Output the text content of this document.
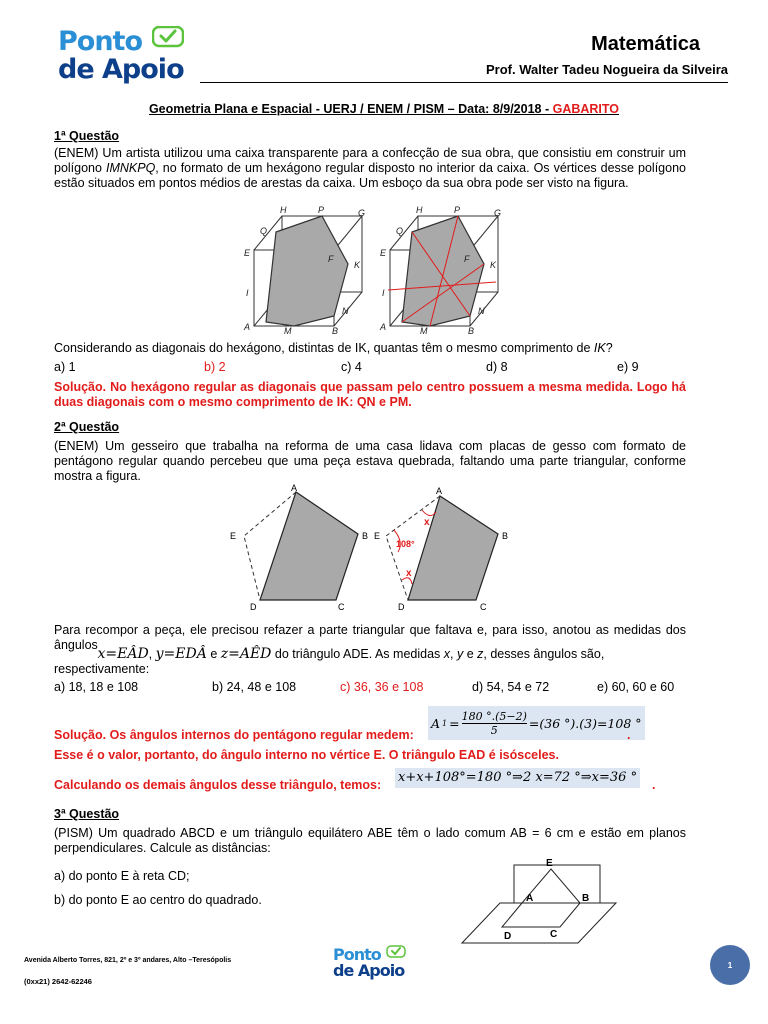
Ponto
de Apoio
Matemática
Prof. Walter Tadeu Nogueira da Silveira
Geometria Plana e Espacial - UERJ / ENEM / PISM – Data: 8/9/2018 - GABARITO
1ª Questão
(ENEM) Um artista utilizou uma caixa transparente para a confecção de sua obra, que consistiu em construir um polígono IMNKPQ, no formato de um hexágono regular disposto no interior da caixa. Os vértices desse polígono estão situados em pontos médios de arestas da caixa. Um esboço da sua obra pode ser visto na figura.
H	P	G
Q
E
F
K
I
N
A	M	B
H	P	G
Q
E
F
K
I
N
A	M	B
Considerando as diagonais do hexágono, distintas de IK, quantas têm o mesmo comprimento de IK?
a) 1	b) 2	c) 4	d) 8	e) 9
Solução. No hexágono regular as diagonais que passam pelo centro possuem a mesma medida. Logo há duas diagonais com o mesmo comprimento de IK: QN e PM.
2ª Questão
(ENEM) Um gesseiro que trabalha na reforma de uma casa lidava com placas de gesso com formato de pentágono regular quando percebeu que uma peça estava quebrada, faltando uma parte triangular, conforme mostra a figura.
A
E	B
D	C
108°
x
x
A
E	B
D	C
Para recompor a peça, ele precisou refazer a parte triangular que faltava e, para isso, anotou as medidas dos ângulos
x=EÂD, y=EDÂ e z=AÊD do triângulo ADE. As medidas x, y e z, desses ângulos são, respectivamente:
a) 18, 18 e 108	b) 24, 48 e 108	c) 36, 36 e 108	d) 54, 54 e 72	e) 60, 60 e 60
Solução. Os ângulos internos do pentágono regular medem:
A $1 = \frac{180 ^\circ.(5-2)}{5} =(36$ °).(3)=108 °
.
Esse é o valor, portanto, do ângulo interno no vértice E. O triângulo EAD é isósceles.
Calculando os demais ângulos desse triângulo, temos: x+x+108°=180 °⇒2 x=72 °⇒x=36 ° .
3ª Questão
(PISM) Um quadrado ABCD e um triângulo equilátero ABE têm o lado comum AB = 6 cm e estão em planos perpendiculares. Calcule as distâncias:
a) do ponto E à reta CD;
b) do ponto E ao centro do quadrado.
E
A	B
D	C
Avenida Alberto Torres, 821, 2º e 3º andares, Alto –Teresópolis
(0xx21) 2642-62246
Ponto
de Apoio	1
